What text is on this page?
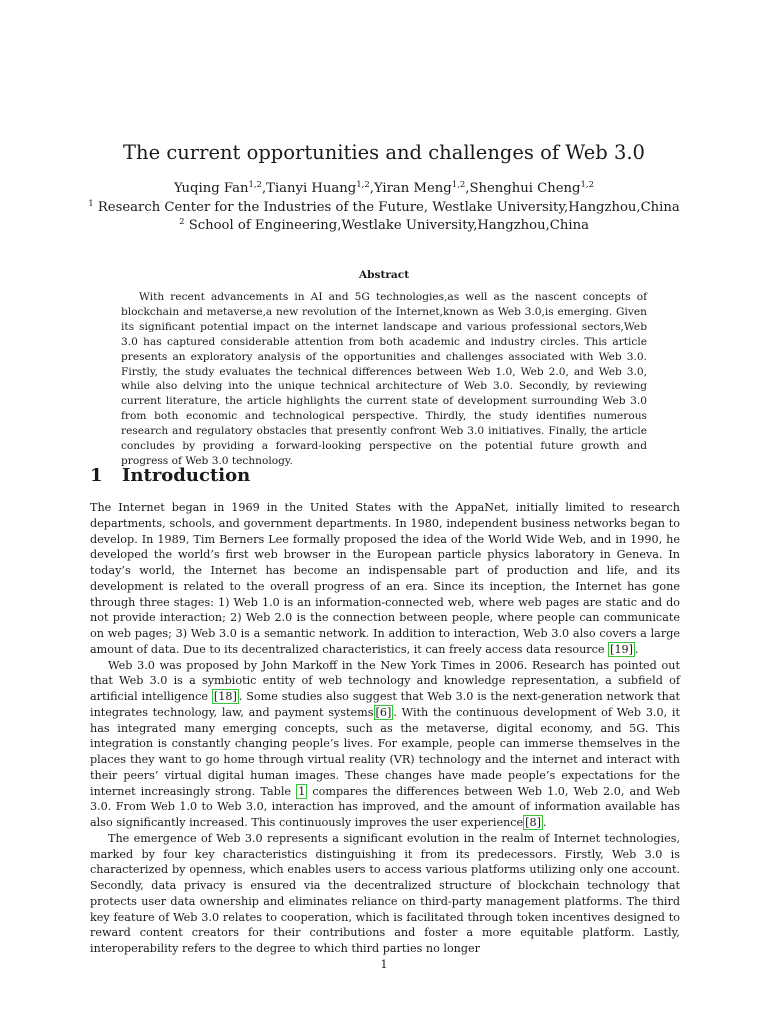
The current opportunities and challenges of Web 3.0
Yuqing Fan$^{1,2}$,Tianyi Huang$^{1,2}$,Yiran Meng$^{1,2}$,Shenghui Cheng$^{1,2}$
$^1$ Research Center for the Industries of the Future, Westlake University,Hangzhou,China
$^2$ School of Engineering,Westlake University,Hangzhou,China
Abstract
With recent advancements in AI and 5G technologies,as well as the nascent concepts of blockchain and metaverse,a new revolution of the Internet,known as Web 3.0,is emerging. Given its significant potential impact on the internet landscape and various professional sectors,Web 3.0 has captured considerable attention from both academic and industry circles. This article presents an exploratory analysis of the opportunities and challenges associated with Web 3.0. Firstly, the study evaluates the technical differences between Web 1.0, Web 2.0, and Web 3.0, while also delving into the unique technical architecture of Web 3.0. Secondly, by reviewing current literature, the article highlights the current state of development surrounding Web 3.0 from both economic and technological perspective. Thirdly, the study identifies numerous research and regulatory obstacles that presently confront Web 3.0 initiatives. Finally, the article concludes by providing a forward-looking perspective on the potential future growth and progress of Web 3.0 technology.
1 Introduction

The Internet began in 1969 in the United States with the AppaNet, initially limited to research departments, schools, and government departments. In 1980, independent business networks began to develop. In 1989, Tim Berners Lee formally proposed the idea of the World Wide Web, and in 1990, he developed the world’s first web browser in the European particle physics laboratory in Geneva. In today’s world, the Internet has become an indispensable part of production and life, and its development is related to the overall progress of an era. Since its inception, the Internet has gone through three stages: 1) Web 1.0 is an information-connected web, where web pages are static and do not provide interaction; 2) Web 2.0 is the connection between people, where people can communicate on web pages; 3) Web 3.0 is a semantic network. In addition to interaction, Web 3.0 also covers a large amount of data. Due to its decentralized characteristics, it can freely access data resource [19] .

Web 3.0 was proposed by John Markoff in the New York Times in 2006. Research has pointed out that Web 3.0 is a symbiotic entity of web technology and knowledge representation, a subfield of artificial intelligence [18] . Some studies also suggest that Web 3.0 is the next-generation network that integrates technology, law, and payment systems [6] . With the continuous development of Web 3.0, it has integrated many emerging concepts, such as the metaverse, digital economy, and 5G. This integration is constantly changing people’s lives. For example, people can immerse themselves in the places they want to go home through virtual reality (VR) technology and the internet and interact with their peers’ virtual digital human images. These changes have made people’s expectations for the internet increasingly strong. Table 1 compares the differences between Web 1.0, Web 2.0, and Web 3.0. From Web 1.0 to Web 3.0, interaction has improved, and the amount of information available has also significantly increased. This continuously improves the user experience [8] .

The emergence of Web 3.0 represents a significant evolution in the realm of Internet technologies, marked by four key characteristics distinguishing it from its predecessors. Firstly, Web 3.0 is characterized by openness, which enables users to access various platforms utilizing only one account. Secondly, data privacy is ensured via the decentralized structure of blockchain technology that protects user data ownership and eliminates reliance on third-party management platforms. The third key feature of Web 3.0 relates to cooperation, which is facilitated through token incentives designed to reward content creators for their contributions and foster a more equitable platform. Lastly, interoperability refers to the degree to which third parties no longer

1
